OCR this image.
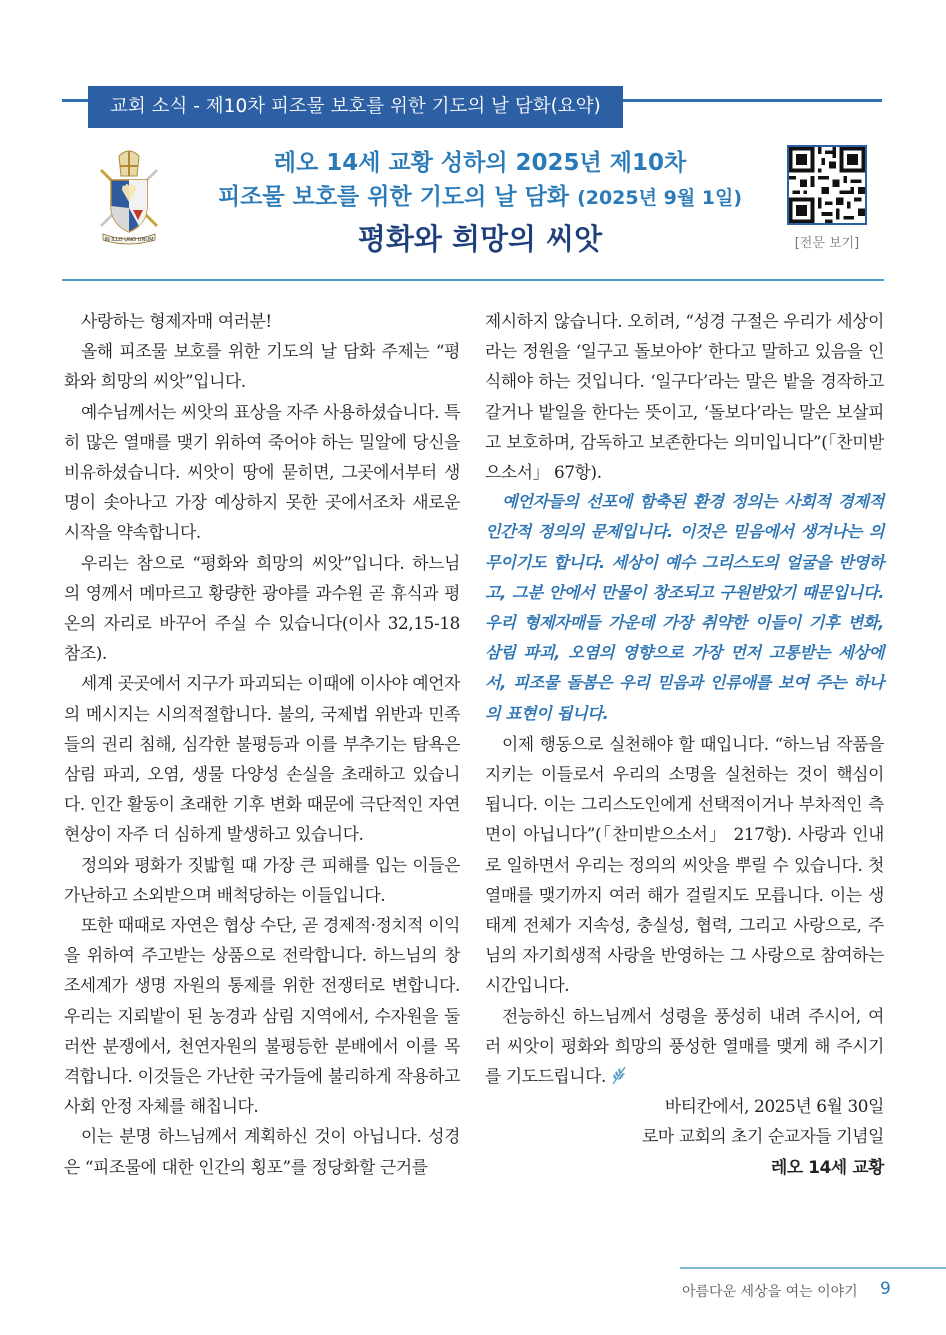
교회 소식 - 제10차 피조물 보호를 위한 기도의 날 담화(요약)
IN ILLO UNO UNUM
레오 14세 교황 성하의 2025년 제10차
피조물 보호를 위한 기도의 날 담화 (2025년 9월 1일)
평화와 희망의 씨앗	[전문 보기]

사랑하는 형제자매 여러분!

올해 피조물 보호를 위한 기도의 날 담화 주제는 “평화와 희망의 씨앗”입니다.

예수님께서는 씨앗의 표상을 자주 사용하셨습니다. 특히 많은 열매를 맺기 위하여 죽어야 하는 밀알에 당신을 비유하셨습니다. 씨앗이 땅에 묻히면, 그곳에서부터 생명이 솟아나고 가장 예상하지 못한 곳에서조차 새로운 시작을 약속합니다.

우리는 참으로 “평화와 희망의 씨앗”입니다. 하느님의 영께서 메마르고 황량한 광야를 과수원 곧 휴식과 평온의 자리로 바꾸어 주실 수 있습니다(이사 32,15-18 참조).

세계 곳곳에서 지구가 파괴되는 이때에 이사야 예언자의 메시지는 시의적절합니다. 불의, 국제법 위반과 민족들의 권리 침해, 심각한 불평등과 이를 부추기는 탐욕은 삼림 파괴, 오염, 생물 다양성 손실을 초래하고 있습니다. 인간 활동이 초래한 기후 변화 때문에 극단적인 자연 현상이 자주 더 심하게 발생하고 있습니다.

정의와 평화가 짓밟힐 때 가장 큰 피해를 입는 이들은 가난하고 소외받으며 배척당하는 이들입니다.

또한 때때로 자연은 협상 수단, 곧 경제적·정치적 이익을 위하여 주고받는 상품으로 전락합니다. 하느님의 창조세계가 생명 자원의 통제를 위한 전쟁터로 변합니다. 우리는 지뢰밭이 된 농경과 삼림 지역에서, 수자원을 둘러싼 분쟁에서, 천연자원의 불평등한 분배에서 이를 목격합니다. 이것들은 가난한 국가들에 불리하게 작용하고 사회 안정 자체를 해칩니다.

이는 분명 하느님께서 계획하신 것이 아닙니다. 성경은 “피조물에 대한 인간의 횡포”를 정당화할 근거를

제시하지 않습니다. 오히려, “성경 구절은 우리가 세상이라는 정원을 ‘일구고 돌보아야’ 한다고 말하고 있음을 인식해야 하는 것입니다. ‘일구다’라는 말은 밭을 경작하고 갈거나 밭일을 한다는 뜻이고, ‘돌보다’라는 말은 보살피고 보호하며, 감독하고 보존한다는 의미입니다”(「찬미받으소서」 67항).

예언자들의 선포에 함축된 환경 정의는 사회적 경제적 인간적 정의의 문제입니다. 이것은 믿음에서 생겨나는 의무이기도 합니다. 세상이 예수 그리스도의 얼굴을 반영하고, 그분 안에서 만물이 창조되고 구원받았기 때문입니다. 우리 형제자매들 가운데 가장 취약한 이들이 기후 변화, 삼림 파괴, 오염의 영향으로 가장 먼저 고통받는 세상에서, 피조물 돌봄은 우리 믿음과 인류애를 보여 주는 하나의 표현이 됩니다.

이제 행동으로 실천해야 할 때입니다. “하느님 작품을 지키는 이들로서 우리의 소명을 실천하는 것이 핵심이 됩니다. 이는 그리스도인에게 선택적이거나 부차적인 측면이 아닙니다”(「찬미받으소서」 217항). 사랑과 인내로 일하면서 우리는 정의의 씨앗을 뿌릴 수 있습니다. 첫 열매를 맺기까지 여러 해가 걸릴지도 모릅니다. 이는 생태계 전체가 지속성, 충실성, 협력, 그리고 사랑으로, 주님의 자기희생적 사랑을 반영하는 그 사랑으로 참여하는 시간입니다.

전능하신 하느님께서 성령을 풍성히 내려 주시어, 여러 씨앗이 평화와 희망의 풍성한 열매를 맺게 해 주시기를 기도드립니다.

바티칸에서, 2025년 6월 30일

로마 교회의 초기 순교자들 기념일

레오 14세 교황

아름다운 세상을 여는 이야기 9
